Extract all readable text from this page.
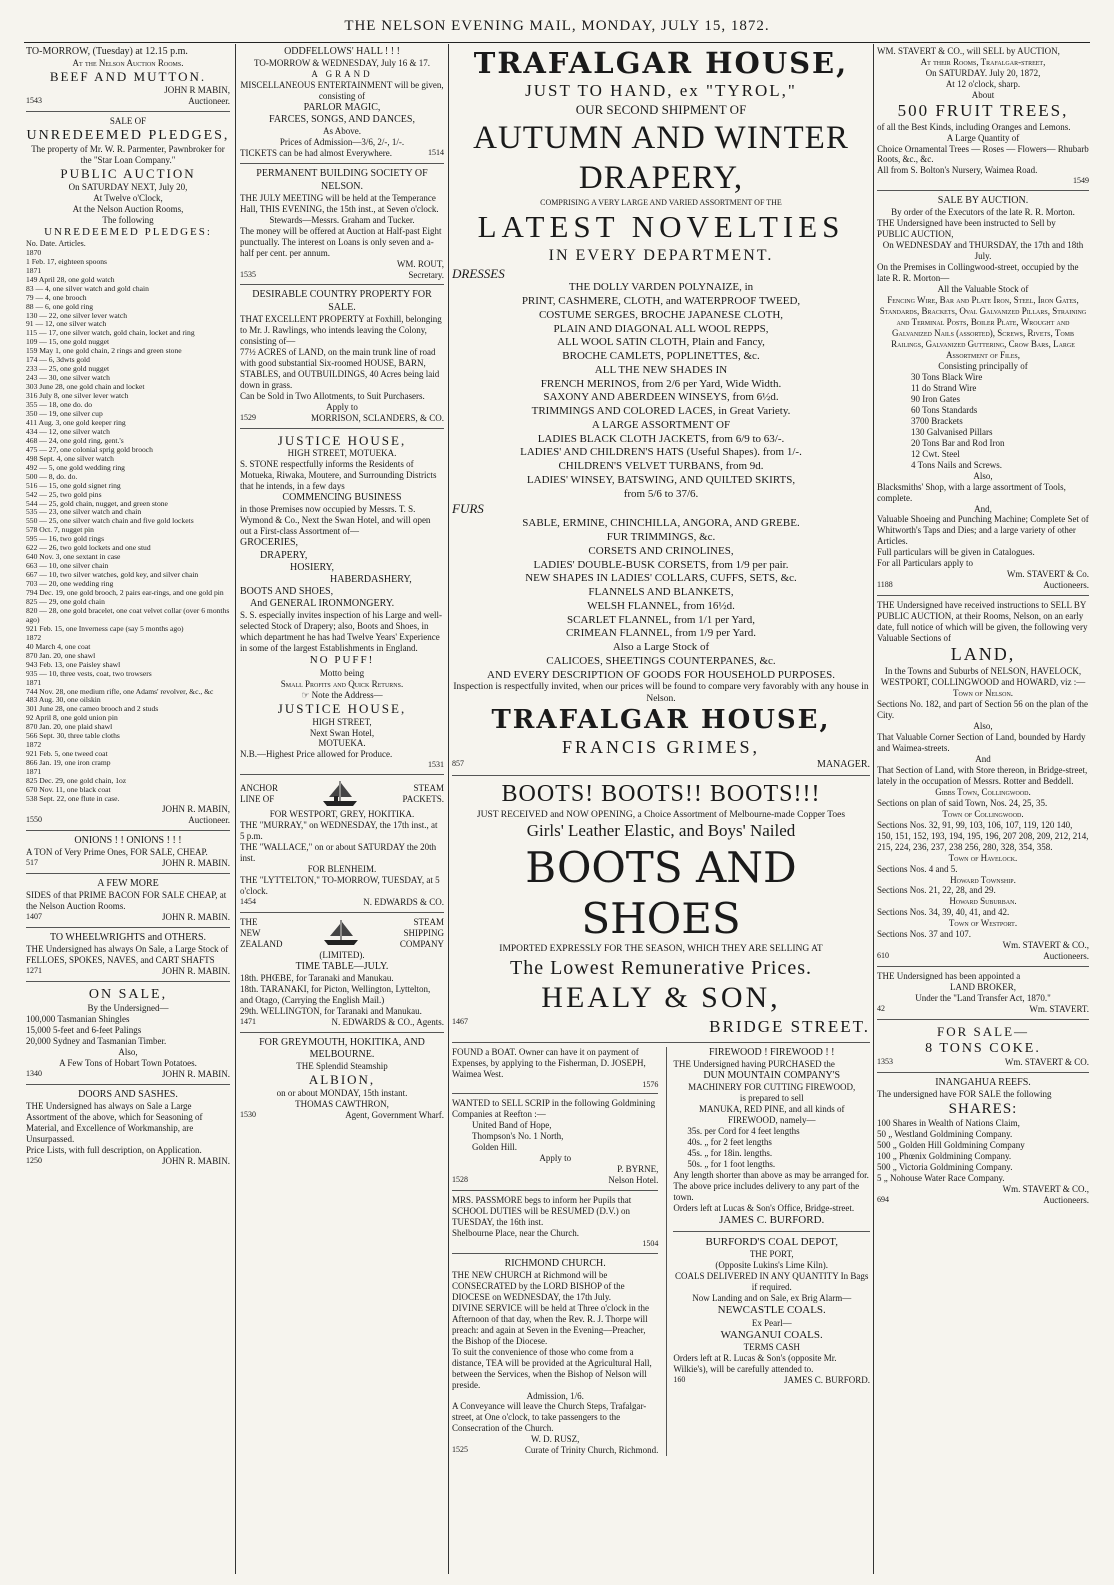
THE NELSON EVENING MAIL, MONDAY, JULY 15, 1872.
TO-MORROW, (Tuesday) at 12.15 p.m.
At the Nelson Auction Rooms.
BEEF AND MUTTON.
JOHN R MABIN,
1543	Auctioneer.
SALE OF
UNREDEEMED PLEDGES,
The property of Mr. W. R. Parmenter, Pawnbroker for the "Star Loan Company."
PUBLIC AUCTION
On SATURDAY NEXT, July 20,
At Twelve o'Clock,
At the Nelson Auction Rooms,
The following
UNREDEEMED PLEDGES:
No. Date. Articles.
1870
1 Feb. 17, eighteen spoons
1871
149 April 28, one gold watch
83 — 4, one silver watch and gold chain
79 — 4, one brooch
88 — 6, one gold ring
130 — 22, one silver lever watch
91 — 12, one silver watch
115 — 17, one silver watch, gold chain, locket and ring
109 — 15, one gold nugget
159 May 1, one gold chain, 2 rings and green stone
174 — 6, 3dwts gold
233 — 25, one gold nugget
243 — 30, one silver watch
303 June 28, one gold chain and locket
316 July 8, one silver lever watch
355 — 18, one do. do
350 — 19, one silver cup
411 Aug. 3, one gold keeper ring
434 — 12, one silver watch
468 — 24, one gold ring, gent.'s
475 — 27, one colonial sprig gold brooch
498 Sept. 4, one silver watch
492 — 5, one gold wedding ring
500 — 8, do. do.
516 — 15, one gold signet ring
542 — 25, two gold pins
544 — 25, gold chain, nugget, and green stone
535 — 23, one silver watch and chain
550 — 25, one silver watch chain and five gold lockets
578 Oct. 7, nugget pin
595 — 16, two gold rings
622 — 26, two gold lockets and one stud
640 Nov. 3, one sextant in case
663 — 10, one silver chain
667 — 10, two silver watches, gold key, and silver chain
703 — 20, one wedding ring
794 Dec. 19, one gold brooch, 2 pairs ear-rings, and one gold pin
825 — 29, one gold chain
820 — 28, one gold bracelet, one coat velvet collar (over 6 months ago)
921 Feb. 15, one Inverness cape (say 5 months ago)
1872
40 March 4, one coat
870 Jan. 20, one shawl
943 Feb. 13, one Paisley shawl
935 — 10, three vests, coat, two trowsers
1871
744 Nov. 28, one medium rifle, one Adams' revolver, &c., &c
483 Aug. 30, one oilskin
301 June 28, one cameo brooch and 2 studs
92 April 8, one gold union pin
870 Jan. 20, one plaid shawl
566 Sept. 30, three table cloths
1872
921 Feb. 5, one tweed coat
866 Jan. 19, one iron cramp
1871
825 Dec. 29, one gold chain, 1oz
670 Nov. 11, one black coat
538 Sept. 22, one flute in case.
JOHN R. MABIN,
1550	Auctioneer.
ONIONS ! ! ONIONS ! ! !
A TON of Very Prime Ones, FOR SALE, CHEAP.
517	JOHN R. MABIN.
A FEW MORE
SIDES of that PRIME BACON FOR SALE CHEAP, at the Nelson Auction Rooms.
1407	JOHN R. MABIN.
TO WHEELWRIGHTS and OTHERS.
THE Undersigned has always On Sale, a Large Stock of FELLOES, SPOKES, NAVES, and CART SHAFTS
1271	JOHN R. MABIN.
ON SALE,
By the Undersigned—
100,000 Tasmanian Shingles
15,000 5-feet and 6-feet Palings
20,000 Sydney and Tasmanian Timber.
Also,
A Few Tons of Hobart Town Potatoes.
1340	JOHN R. MABIN.
DOORS AND SASHES.
THE Undersigned has always on Sale a Large Assortment of the above, which for Seasoning of Material, and Excellence of Workmanship, are Unsurpassed.
Price Lists, with full description, on Application.
1250	JOHN R. MABIN.
ODDFELLOWS' HALL ! ! !
TO-MORROW & WEDNESDAY, July 16 & 17.
A GRAND
MISCELLANEOUS ENTERTAINMENT will be given, consisting of
PARLOR MAGIC,
FARCES, SONGS, AND DANCES,
As Above.
Prices of Admission—3/6, 2/-, 1/-.
TICKETS can be had almost Everywhere.	1514
PERMANENT BUILDING SOCIETY OF NELSON.
THE JULY MEETING will be held at the Temperance Hall, THIS EVENING, the 15th inst., at Seven o'clock.
Stewards—Messrs. Graham and Tucker.
The money will be offered at Auction at Half-past Eight punctually. The interest on Loans is only seven and a-half per cent. per annum.
WM. ROUT,
1535	Secretary.
DESIRABLE COUNTRY PROPERTY FOR SALE.
THAT EXCELLENT PROPERTY at Foxhill, belonging to Mr. J. Rawlings, who intends leaving the Colony, consisting of—
77½ ACRES of LAND, on the main trunk line of road with good substantial Six-roomed HOUSE, BARN, STABLES, and OUTBUILDINGS, 40 Acres being laid down in grass.
Can be Sold in Two Allotments, to Suit Purchasers.
Apply to
1529	MORRISON, SCLANDERS, & CO.
JUSTICE HOUSE,
HIGH STREET, MOTUEKA.
S. STONE respectfully informs the Residents of Motueka, Riwaka, Moutere, and Surrounding Districts that he intends, in a few days
COMMENCING BUSINESS
in those Premises now occupied by Messrs. T. S. Wymond & Co., Next the Swan Hotel, and will open out a First-class Assortment of—
GROCERIES,
DRAPERY,
HOSIERY,
HABERDASHERY,
BOOTS AND SHOES,
And GENERAL IRONMONGERY.
S. S. especially invites inspection of his Large and well-selected Stock of Drapery; also, Boots and Shoes, in which department he has had Twelve Years' Experience in some of the largest Establishments in England.
NO PUFF!
Motto being
Small Profits and Quick Returns.
☞ Note the Address—
JUSTICE HOUSE,
HIGH STREET,
Next Swan Hotel,
MOTUEKA.
N.B.—Highest Price allowed for Produce.
1531
ANCHOR
LINE OF
STEAM
PACKETS.
FOR WESTPORT, GREY, HOKITIKA.
THE "MURRAY," on WEDNESDAY, the 17th inst., at 5 p.m.
THE "WALLACE," on or about SATURDAY the 20th inst.
FOR BLENHEIM.
THE "LYTTELTON," TO-MORROW, TUESDAY, at 5 o'clock.
1454	N. EDWARDS & CO.
THE
NEW
ZEALAND
STEAM
SHIPPING
COMPANY
(LIMITED).
TIME TABLE—JULY.
18th. PHŒBE, for Taranaki and Manukau.
18th. TARANAKI, for Picton, Wellington, Lyttelton, and Otago, (Carrying the English Mail.)
29th. WELLINGTON, for Taranaki and Manukau.
1471	N. EDWARDS & CO., Agents.
FOR GREYMOUTH, HOKITIKA, AND MELBOURNE.
THE Splendid Steamship
ALBION,
on or about MONDAY, 15th instant.
THOMAS CAWTHRON,
1530	Agent, Government Wharf.
TRAFALGAR HOUSE,
JUST TO HAND, ex "TYROL,"
OUR SECOND SHIPMENT OF
AUTUMN AND WINTER DRAPERY,
COMPRISING A VERY LARGE AND VARIED ASSORTMENT OF THE
LATEST NOVELTIES
IN EVERY DEPARTMENT.
DRESSES
THE DOLLY VARDEN POLYNAIZE, in
PRINT, CASHMERE, CLOTH, and WATERPROOF TWEED,
COSTUME SERGES, BROCHE JAPANESE CLOTH,
PLAIN AND DIAGONAL ALL WOOL REPPS,
ALL WOOL SATIN CLOTH, Plain and Fancy,
BROCHE CAMLETS, POPLINETTES, &c.
ALL THE NEW SHADES IN
FRENCH MERINOS, from 2/6 per Yard, Wide Width.
SAXONY AND ABERDEEN WINSEYS, from 6½d.
TRIMMINGS AND COLORED LACES, in Great Variety.
A LARGE ASSORTMENT OF
LADIES BLACK CLOTH JACKETS, from 6/9 to 63/-.
LADIES' AND CHILDREN'S HATS (Useful Shapes). from 1/-.
CHILDREN'S VELVET TURBANS, from 9d.
LADIES' WINSEY, BATSWING, AND QUILTED SKIRTS,
from 5/6 to 37/6.
FURS
SABLE, ERMINE, CHINCHILLA, ANGORA, AND GREBE.
FUR TRIMMINGS, &c.
CORSETS AND CRINOLINES,
LADIES' DOUBLE-BUSK CORSETS, from 1/9 per pair.
NEW SHAPES IN LADIES' COLLARS, CUFFS, SETS, &c.
FLANNELS AND BLANKETS,
WELSH FLANNEL, from 16½d.
SCARLET FLANNEL, from 1/1 per Yard,
CRIMEAN FLANNEL, from 1/9 per Yard.
Also a Large Stock of
CALICOES, SHEETINGS COUNTERPANES, &c.
AND EVERY DESCRIPTION OF GOODS FOR HOUSEHOLD PURPOSES.
Inspection is respectfully invited, when our prices will be found to compare very favorably with any house in Nelson.
TRAFALGAR HOUSE,
FRANCIS GRIMES,
857	MANAGER.
BOOTS! BOOTS!! BOOTS!!!
JUST RECEIVED and NOW OPENING, a Choice Assortment of Melbourne-made Copper Toes
Girls' Leather Elastic, and Boys' Nailed
BOOTS AND SHOES
IMPORTED EXPRESSLY FOR THE SEASON, WHICH THEY ARE SELLING AT
The Lowest Remunerative Prices.
HEALY & SON,
1467	BRIDGE STREET.
FOUND a BOAT. Owner can have it on payment of Expenses, by applying to the Fisherman, D. JOSEPH, Waimea West.
1576
WANTED to SELL SCRIP in the following Goldmining Companies at Reefton :—
United Band of Hope,
Thompson's No. 1 North,
Golden Hill.
Apply to
P. BYRNE,
1528	Nelson Hotel.
MRS. PASSMORE begs to inform her Pupils that SCHOOL DUTIES will be RESUMED (D.V.) on TUESDAY, the 16th inst.
Shelbourne Place, near the Church.
1504
RICHMOND CHURCH.
THE NEW CHURCH at Richmond will be CONSECRATED by the LORD BISHOP of the DIOCESE on WEDNESDAY, the 17th July.
DIVINE SERVICE will be held at Three o'clock in the Afternoon of that day, when the Rev. R. J. Thorpe will preach: and again at Seven in the Evening—Preacher, the Bishop of the Diocese.
To suit the convenience of those who come from a distance, TEA will be provided at the Agricultural Hall, between the Services, when the Bishop of Nelson will preside.
Admission, 1/6.
A Conveyance will leave the Church Steps, Trafalgar-street, at One o'clock, to take passengers to the Consecration of the Church.
W. D. RUSZ,
1525	Curate of Trinity Church, Richmond.
FIREWOOD ! FIREWOOD ! !
THE Undersigned having PURCHASED the
DUN MOUNTAIN COMPANY'S
MACHINERY FOR CUTTING FIREWOOD,
is prepared to sell
MANUKA, RED PINE, and all kinds of FIREWOOD, namely—
35s. per Cord for 4 feet lengths
40s. „ for 2 feet lengths
45s. „ for 18in. lengths.
50s. „ for 1 foot lengths.
Any length shorter than above as may be arranged for.
The above price includes delivery to any part of the town.
Orders left at Lucas & Son's Office, Bridge-street.
JAMES C. BURFORD.
BURFORD'S COAL DEPOT,
THE PORT,
(Opposite Lukins's Lime Kiln).
COALS DELIVERED IN ANY QUANTITY In Bags if required.
Now Landing and on Sale, ex Brig Alarm—
NEWCASTLE COALS.
Ex Pearl—
WANGANUI COALS.
TERMS CASH
Orders left at R. Lucas & Son's (opposite Mr. Wilkie's), will be carefully attended to.
160	JAMES C. BURFORD.
WM. STAVERT & CO., will SELL by AUCTION,
At their Rooms, Trafalgar-street,
On SATURDAY. July 20, 1872,
At 12 o'clock, sharp.
About
500 FRUIT TREES,
of all the Best Kinds, including Oranges and Lemons.
A Large Quantity of
Choice Ornamental Trees — Roses — Flowers— Rhubarb Roots, &c., &c.
All from S. Bolton's Nursery, Waimea Road.
1549
SALE BY AUCTION.
By order of the Executors of the late R. R. Morton.
THE Undersigned have been instructed to Sell by PUBLIC AUCTION,
On WEDNESDAY and THURSDAY, the 17th and 18th July.
On the Premises in Collingwood-street, occupied by the late R. R. Morton—
All the Valuable Stock of
Fencing Wire, Bar and Plate Iron, Steel, Iron Gates, Standards, Brackets, Oval Galvanized Pillars, Straining and Terminal Posts, Boiler Plate, Wrought and Galvanized Nails (assorted), Screws, Rivets, Tomb Railings, Galvanized Guttering, Crow Bars, Large Assortment of Files,
Consisting principally of
30 Tons Black Wire
11 do Strand Wire
90 Iron Gates
60 Tons Standards
3700 Brackets
130 Galvanised Pillars
20 Tons Bar and Rod Iron
12 Cwt. Steel
4 Tons Nails and Screws.
Also,
Blacksmiths' Shop, with a large assortment of Tools, complete.
And,
Valuable Shoeing and Punching Machine; Complete Set of Whitworth's Taps and Dies; and a large variety of other Articles.
Full particulars will be given in Catalogues.
For all Particulars apply to
Wm. STAVERT & Co.
1188	Auctioneers.
THE Undersigned have received instructions to SELL BY PUBLIC AUCTION, at their Rooms, Nelson, on an early date, full notice of which will be given, the following very Valuable Sections of
LAND,
In the Towns and Suburbs of NELSON, HAVELOCK, WESTPORT, COLLINGWOOD and HOWARD, viz :—
Town of Nelson.
Sections No. 182, and part of Section 56 on the plan of the City.
Also,
That Valuable Corner Section of Land, bounded by Hardy and Waimea-streets.
And
That Section of Land, with Store thereon, in Bridge-street, lately in the occupation of Messrs. Rotter and Beddell.
Gibbs Town, Collingwood.
Sections on plan of said Town, Nos. 24, 25, 35.
Town of Collingwood.
Sections Nos. 32, 91, 99, 103, 106, 107, 119, 120 140, 150, 151, 152, 193, 194, 195, 196, 207 208, 209, 212, 214, 215, 224, 236, 237, 238 256, 280, 328, 354, 358.
Town of Havelock.
Sections Nos. 4 and 5.
Howard Township.
Sections Nos. 21, 22, 28, and 29.
Howard Suburban.
Sections Nos. 34, 39, 40, 41, and 42.
Town of Westport.
Sections Nos. 37 and 107.
Wm. STAVERT & CO.,
610	Auctioneers.
THE Undersigned has been appointed a
LAND BROKER,
Under the "Land Transfer Act, 1870."
42	Wm. STAVERT.
FOR SALE—
8 TONS COKE.
1353	Wm. STAVERT & CO.
INANGAHUA REEFS.
The undersigned have FOR SALE the following
SHARES:
100 Shares in Wealth of Nations Claim,
50 „ Westland Goldmining Company.
500 „ Golden Hill Goldmining Company
100 „ Phœnix Goldmining Company.
500 „ Victoria Goldmining Company.
5 „ Nohouse Water Race Company.
Wm. STAVERT & CO.,
694	Auctioneers.
